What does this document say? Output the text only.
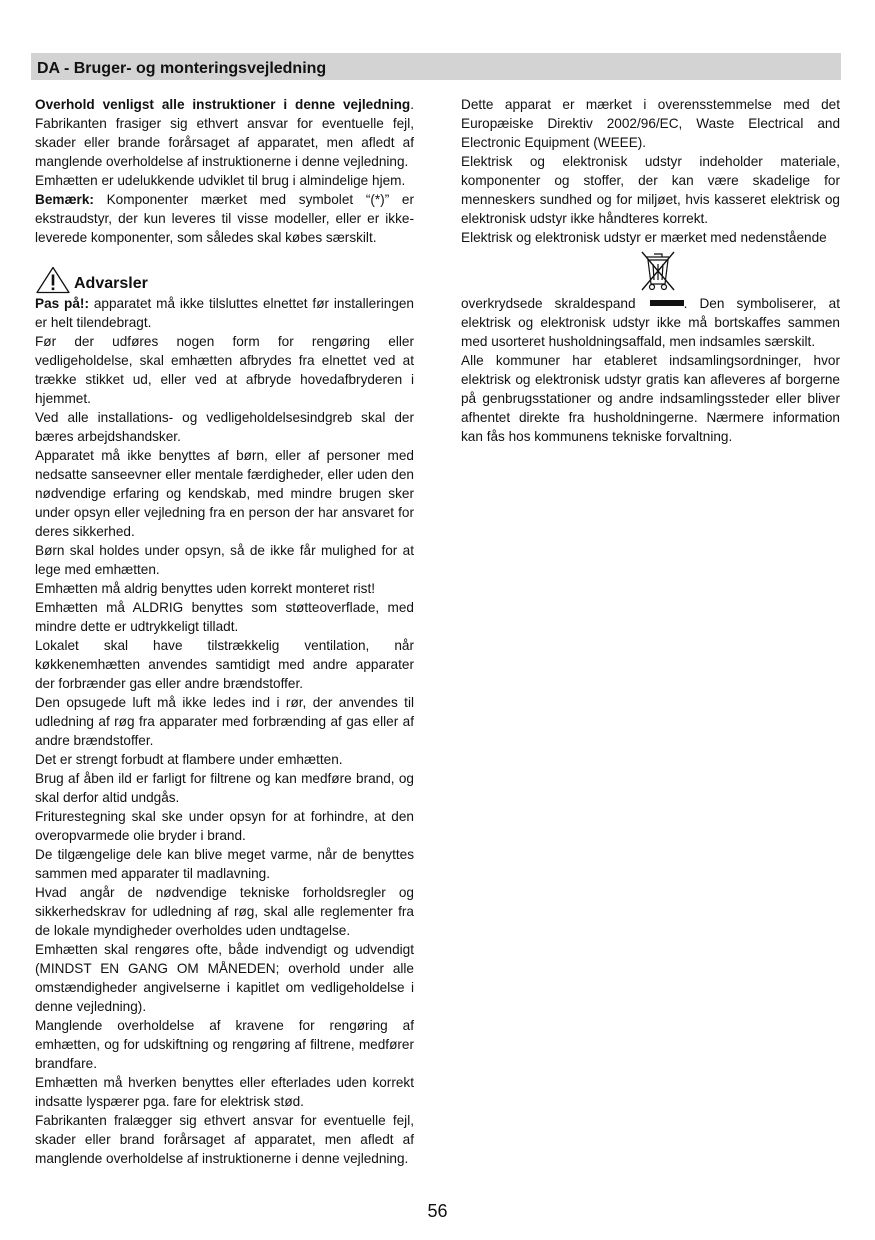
DA - Bruger- og monteringsvejledning

Overhold venligst alle instruktioner i denne vejledning. Fabrikanten frasiger sig ethvert ansvar for eventuelle fejl, skader eller brande forårsaget af apparatet, men afledt af manglende overholdelse af instruktionerne i denne vejledning.

Emhætten er udelukkende udviklet til brug i almindelige hjem.

Bemærk: Komponenter mærket med symbolet “(*)” er ekstraudstyr, der kun leveres til visse modeller, eller er ikke-leverede komponenter, som således skal købes særskilt.

Advarsler

Pas på!: apparatet må ikke tilsluttes elnettet før installeringen er helt tilendebragt.

Før der udføres nogen form for rengøring eller vedligeholdelse, skal emhætten afbrydes fra elnettet ved at trække stikket ud, eller ved at afbryde hovedafbryderen i hjemmet.

Ved alle installations- og vedligeholdelsesindgreb skal der bæres arbejdshandsker.

Apparatet må ikke benyttes af børn, eller af personer med nedsatte sanseevner eller mentale færdigheder, eller uden den nødvendige erfaring og kendskab, med mindre brugen sker under opsyn eller vejledning fra en person der har ansvaret for deres sikkerhed.

Børn skal holdes under opsyn, så de ikke får mulighed for at lege med emhætten.

Emhætten må aldrig benyttes uden korrekt monteret rist!

Emhætten må ALDRIG benyttes som støtteoverflade, med mindre dette er udtrykkeligt tilladt.

Lokalet skal have tilstrækkelig ventilation, når køkkenemhætten anvendes samtidigt med andre apparater der forbrænder gas eller andre brændstoffer.

Den opsugede luft må ikke ledes ind i rør, der anvendes til udledning af røg fra apparater med forbrænding af gas eller af andre brændstoffer.

Det er strengt forbudt at flambere under emhætten.

Brug af åben ild er farligt for filtrene og kan medføre brand, og skal derfor altid undgås.

Friturestegning skal ske under opsyn for at forhindre, at den overopvarmede olie bryder i brand.

De tilgængelige dele kan blive meget varme, når de benyttes sammen med apparater til madlavning.

Hvad angår de nødvendige tekniske forholdsregler og sikkerhedskrav for udledning af røg, skal alle reglementer fra de lokale myndigheder overholdes uden undtagelse.

Emhætten skal rengøres ofte, både indvendigt og udvendigt (MINDST EN GANG OM MÅNEDEN; overhold under alle omstændigheder angivelserne i kapitlet om vedligeholdelse i denne vejledning).

Manglende overholdelse af kravene for rengøring af emhætten, og for udskiftning og rengøring af filtrene, medfører brandfare.

Emhætten må hverken benyttes eller efterlades uden korrekt indsatte lyspærer pga. fare for elektrisk stød.

Fabrikanten fralægger sig ethvert ansvar for eventuelle fejl, skader eller brand forårsaget af apparatet, men afledt af manglende overholdelse af instruktionerne i denne vejledning.

Dette apparat er mærket i overensstemmelse med det Europæiske Direktiv 2002/96/EC, Waste Electrical and Electronic Equipment (WEEE).

Elektrisk og elektronisk udstyr indeholder materiale, komponenter og stoffer, der kan være skadelige for menneskers sundhed og for miljøet, hvis kasseret elektrisk og elektronisk udstyr ikke håndteres korrekt.

Elektrisk og elektronisk udstyr er mærket med nedenstående

overkrydsede skraldespand	. Den symboliserer, at elektrisk og elektronisk udstyr ikke må bortskaffes sammen med usorteret husholdningsaffald, men indsamles særskilt.

Alle kommuner har etableret indsamlingsordninger, hvor elektrisk og elektronisk udstyr gratis kan afleveres af borgerne på genbrugsstationer og andre indsamlingssteder eller bliver afhentet direkte fra husholdningerne. Nærmere information kan fås hos kommunens tekniske forvaltning.

56
